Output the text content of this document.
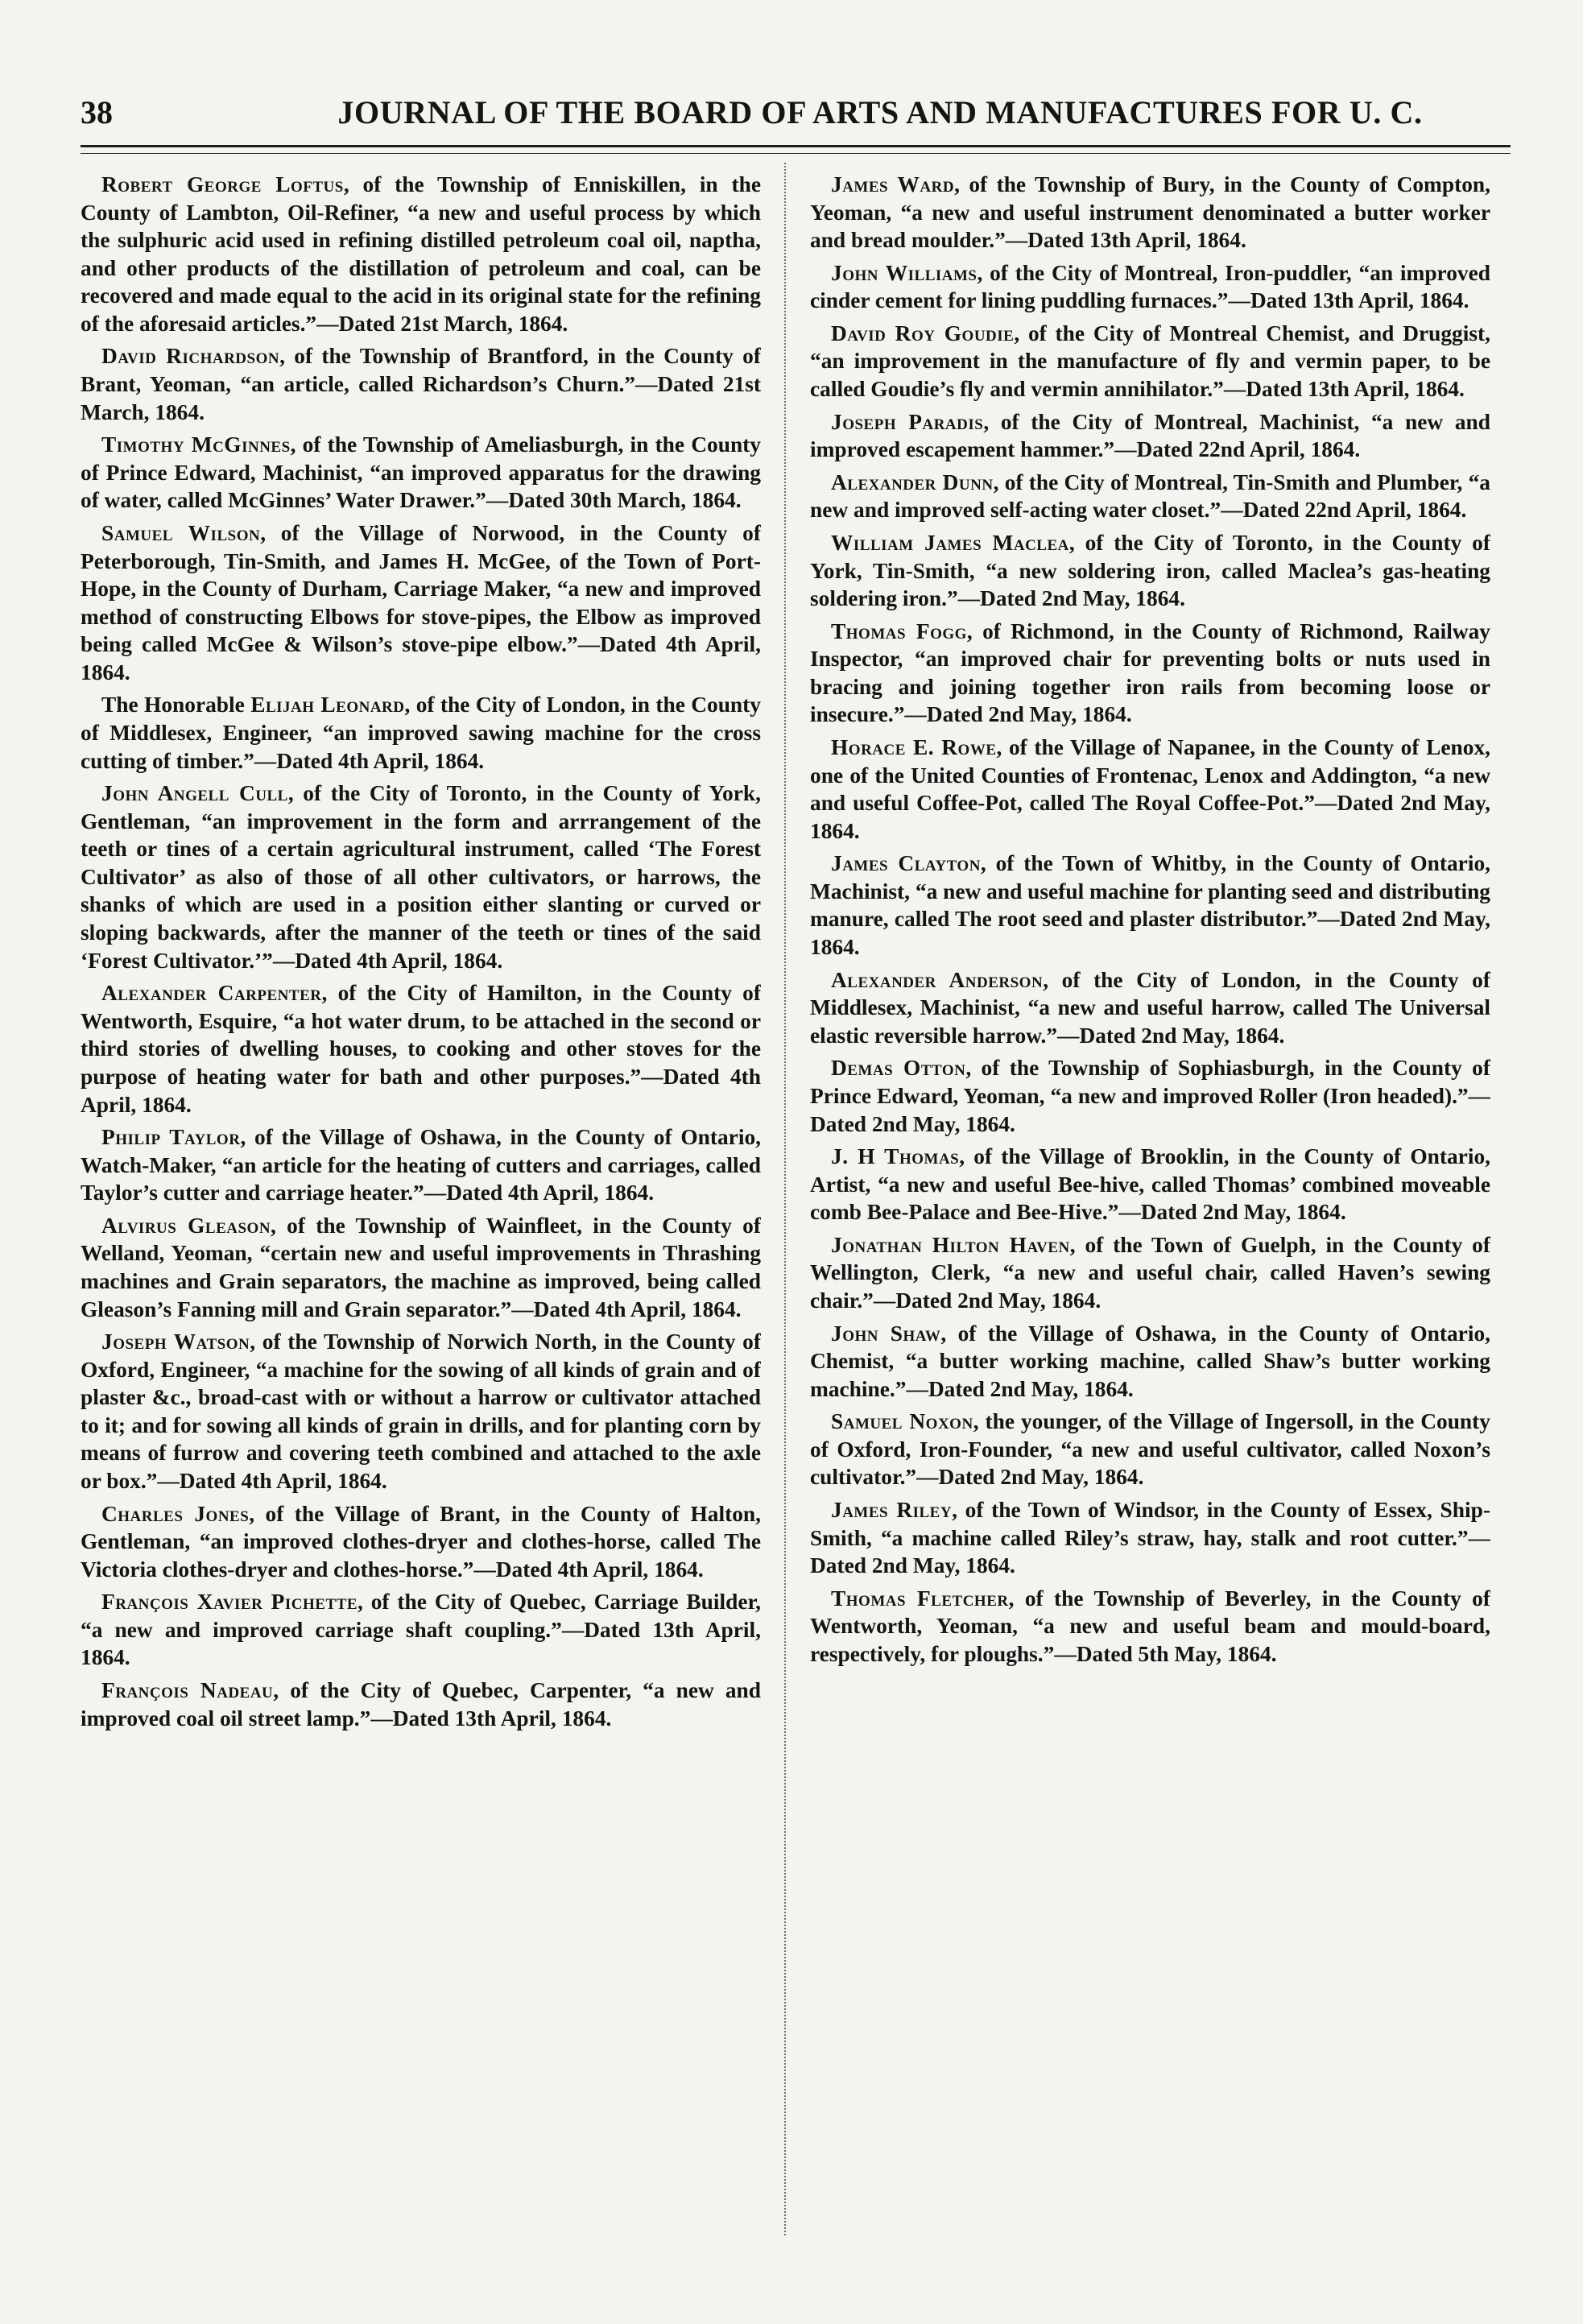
38	JOURNAL OF THE BOARD OF ARTS AND MANUFACTURES FOR U. C.

Robert George Loftus, of the Township of Enniskillen, in the County of Lambton, Oil-Refiner, “a new and useful process by which the sulphuric acid used in refining distilled petroleum coal oil, naptha, and other products of the distillation of petroleum and coal, can be recovered and made equal to the acid in its original state for the refining of the aforesaid articles.”—Dated 21st March, 1864.

David Richardson, of the Township of Brantford, in the County of Brant, Yeoman, “an article, called Richardson’s Churn.”—Dated 21st March, 1864.

Timothy McGinnes, of the Township of Ameliasburgh, in the County of Prince Edward, Machinist, “an improved apparatus for the drawing of water, called McGinnes’ Water Drawer.”—Dated 30th March, 1864.

Samuel Wilson, of the Village of Norwood, in the County of Peterborough, Tin-Smith, and James H. McGee, of the Town of Port-Hope, in the County of Durham, Carriage Maker, “a new and improved method of constructing Elbows for stove-pipes, the Elbow as improved being called McGee & Wilson’s stove-pipe elbow.”—Dated 4th April, 1864.

The Honorable Elijah Leonard, of the City of London, in the County of Middlesex, Engineer, “an improved sawing machine for the cross cutting of timber.”—Dated 4th April, 1864.

John Angell Cull, of the City of Toronto, in the County of York, Gentleman, “an improvement in the form and arrrangement of the teeth or tines of a certain agricultural instrument, called ‘The Forest Cultivator’ as also of those of all other cultivators, or harrows, the shanks of which are used in a position either slanting or curved or sloping backwards, after the manner of the teeth or tines of the said ‘Forest Cultivator.’”—Dated 4th April, 1864.

Alexander Carpenter, of the City of Hamilton, in the County of Wentworth, Esquire, “a hot water drum, to be attached in the second or third stories of dwelling houses, to cooking and other stoves for the purpose of heating water for bath and other purposes.”—Dated 4th April, 1864.

Philip Taylor, of the Village of Oshawa, in the County of Ontario, Watch-Maker, “an article for the heating of cutters and carriages, called Taylor’s cutter and carriage heater.”—Dated 4th April, 1864.

Alvirus Gleason, of the Township of Wainfleet, in the County of Welland, Yeoman, “certain new and useful improvements in Thrashing machines and Grain separators, the machine as improved, being called Gleason’s Fanning mill and Grain separator.”—Dated 4th April, 1864.

Joseph Watson, of the Township of Norwich North, in the County of Oxford, Engineer, “a machine for the sowing of all kinds of grain and of plaster &c., broad-cast with or without a harrow or cultivator attached to it; and for sowing all kinds of grain in drills, and for planting corn by means of furrow and covering teeth combined and attached to the axle or box.”—Dated 4th April, 1864.

Charles Jones, of the Village of Brant, in the County of Halton, Gentleman, “an improved clothes-dryer and clothes-horse, called The Victoria clothes-dryer and clothes-horse.”—Dated 4th April, 1864.

François Xavier Pichette, of the City of Quebec, Carriage Builder, “a new and improved carriage shaft coupling.”—Dated 13th April, 1864.

François Nadeau, of the City of Quebec, Carpenter, “a new and improved coal oil street lamp.”—Dated 13th April, 1864.

James Ward, of the Township of Bury, in the County of Compton, Yeoman, “a new and useful instrument denominated a butter worker and bread moulder.”—Dated 13th April, 1864.

John Williams, of the City of Montreal, Iron-puddler, “an improved cinder cement for lining puddling furnaces.”—Dated 13th April, 1864.

David Roy Goudie, of the City of Montreal Chemist, and Druggist, “an improvement in the manufacture of fly and vermin paper, to be called Goudie’s fly and vermin annihilator.”—Dated 13th April, 1864.

Joseph Paradis, of the City of Montreal, Machinist, “a new and improved escapement hammer.”—Dated 22nd April, 1864.

Alexander Dunn, of the City of Montreal, Tin-Smith and Plumber, “a new and improved self-acting water closet.”—Dated 22nd April, 1864.

William James Maclea, of the City of Toronto, in the County of York, Tin-Smith, “a new soldering iron, called Maclea’s gas-heating soldering iron.”—Dated 2nd May, 1864.

Thomas Fogg, of Richmond, in the County of Richmond, Railway Inspector, “an improved chair for preventing bolts or nuts used in bracing and joining together iron rails from becoming loose or insecure.”—Dated 2nd May, 1864.

Horace E. Rowe, of the Village of Napanee, in the County of Lenox, one of the United Counties of Frontenac, Lenox and Addington, “a new and useful Coffee-Pot, called The Royal Coffee-Pot.”—Dated 2nd May, 1864.

James Clayton, of the Town of Whitby, in the County of Ontario, Machinist, “a new and useful machine for planting seed and distributing manure, called The root seed and plaster distributor.”—Dated 2nd May, 1864.

Alexander Anderson, of the City of London, in the County of Middlesex, Machinist, “a new and useful harrow, called The Universal elastic reversible harrow.”—Dated 2nd May, 1864.

Demas Otton, of the Township of Sophiasburgh, in the County of Prince Edward, Yeoman, “a new and improved Roller (Iron headed).”—Dated 2nd May, 1864.

J. H Thomas, of the Village of Brooklin, in the County of Ontario, Artist, “a new and useful Bee-hive, called Thomas’ combined moveable comb Bee-Palace and Bee-Hive.”—Dated 2nd May, 1864.

Jonathan Hilton Haven, of the Town of Guelph, in the County of Wellington, Clerk, “a new and useful chair, called Haven’s sewing chair.”—Dated 2nd May, 1864.

John Shaw, of the Village of Oshawa, in the County of Ontario, Chemist, “a butter working machine, called Shaw’s butter working machine.”—Dated 2nd May, 1864.

Samuel Noxon, the younger, of the Village of Ingersoll, in the County of Oxford, Iron-Founder, “a new and useful cultivator, called Noxon’s cultivator.”—Dated 2nd May, 1864.

James Riley, of the Town of Windsor, in the County of Essex, Ship-Smith, “a machine called Riley’s straw, hay, stalk and root cutter.”—Dated 2nd May, 1864.

Thomas Fletcher, of the Township of Beverley, in the County of Wentworth, Yeoman, “a new and useful beam and mould-board, respectively, for ploughs.”—Dated 5th May, 1864.
